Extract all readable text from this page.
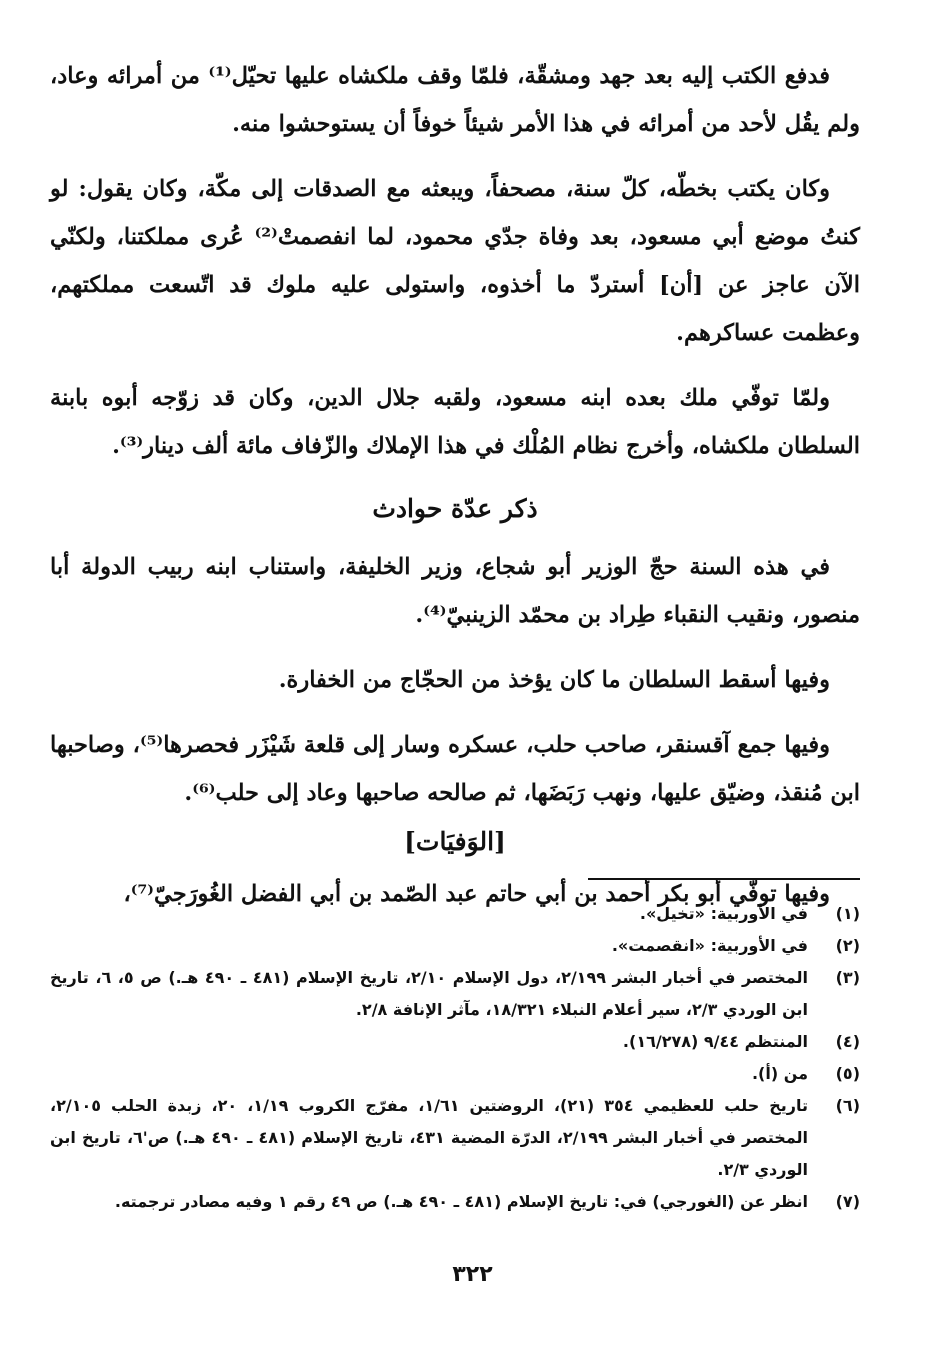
فدفع الكتب إليه بعد جهد ومشقّة، فلمّا وقف ملكشاه عليها تحيّل⁽¹⁾ من أمرائه وعاد، ولم يقُل لأحد من أمرائه في هذا الأمر شيئاً خوفاً أن يستوحشوا منه.

وكان يكتب بخطّه، كلّ سنة، مصحفاً، ويبعثه مع الصدقات إلى مكّة، وكان يقول: لو كنتُ موضع أبي مسعود، بعد وفاة جدّي محمود، لما انفصمتْ⁽²⁾ عُرى مملكتنا، ولكنّي الآن عاجز عن [أن] أستردّ ما أخذوه، واستولى عليه ملوك قد اتّسعت مملكتهم، وعظمت عساكرهم.

ولمّا توفّي ملك بعده ابنه مسعود، ولقبه جلال الدين، وكان قد زوّجه أبوه بابنة السلطان ملكشاه، وأخرج نظام المُلْك في هذا الإملاك والزّفاف مائة ألف دينار⁽³⁾.

ذكر عدّة حوادث

في هذه السنة حجّ الوزير أبو شجاع، وزير الخليفة، واستناب ابنه ربيب الدولة أبا منصور، ونقيب النقباء طِراد بن محمّد الزينبيّ⁽⁴⁾.

وفيها أسقط السلطان ما كان يؤخذ من الحجّاج من الخفارة.

وفيها جمع آقسنقر، صاحب حلب، عسكره وسار إلى قلعة شَيْزَر فحصرها⁽⁵⁾، وصاحبها ابن مُنقذ، وضيّق عليها، ونهب رَبَضَها، ثم صالحه صاحبها وعاد إلى حلب⁽⁶⁾.

[الوَفيَات]

وفيها توفّي أبو بكر أحمد بن أبي حاتم عبد الصّمد بن أبي الفضل الغُورَجيّ⁽⁷⁾،

(١)
في الأوربية: «تخيل».
(٢)
في الأوربية: «انقصمت».
(٣)
المختصر في أخبار البشر ٢/١٩٩، دول الإسلام ٢/١٠، تاريخ الإسلام (٤٨١ ـ ٤٩٠ هـ.) ص ٥، ٦، تاريخ ابن الوردي ٢/٣، سير أعلام النبلاء ١٨/٣٢١، مآثر الإنافة ٢/٨.
(٤)
المنتظم ٩/٤٤ (١٦/٢٧٨).
(٥)
من (أ).
(٦)
تاريخ حلب للعظيمي ٣٥٤ (٢١)، الروضتين ١/٦١، مفرّج الكروب ١/١٩، ٢٠، زبدة الحلب ٢/١٠٥، المختصر في أخبار البشر ٢/١٩٩، الدرّة المضية ٤٣١، تاريخ الإسلام (٤٨١ ـ ٤٩٠ هـ.) ص'٦، تاريخ ابن الوردي ٢/٣.
(٧)
انظر عن (الغورجي) في: تاريخ الإسلام (٤٨١ ـ ٤٩٠ هـ.) ص ٤٩ رقم ١ وفيه مصادر ترجمته.
٣٢٢
